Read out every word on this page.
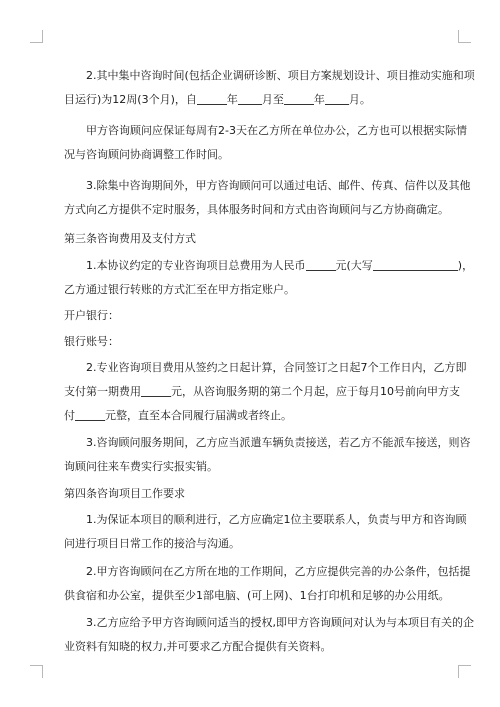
2.其中集中咨询时间(包括企业调研诊断、项目方案规划设计、项目推动实施和项
目运行)为12周(3个月)，自	年 月至	年 月。
甲方咨询顾问应保证每周有2-3天在乙方所在单位办公，乙方也可以根据实际情
况与咨询顾问协商调整工作时间。
3.除集中咨询期间外，甲方咨询顾问可以通过电话、邮件、传真、信件以及其他
方式向乙方提供不定时服务，具体服务时间和方式由咨询顾问与乙方协商确定。
第三条咨询费用及支付方式
1.本协议约定的专业咨询项目总费用为人民币	元(大写	)，
乙方通过银行转账的方式汇至在甲方指定账户。
开户银行：
银行账号：
2.专业咨询项目费用从签约之日起计算，合同签订之日起7个工作日内，乙方即
支付第一期费用	元，从咨询服务期的第二个月起，应于每月10号前向甲方支
付	元整，直至本合同履行届满或者终止。
3.咨询顾问服务期间，乙方应当派遣车辆负责接送，若乙方不能派车接送，则咨
询顾问往来车费实行实报实销。
第四条咨询项目工作要求
1.为保证本项目的顺利进行，乙方应确定1位主要联系人，负责与甲方和咨询顾
问进行项目日常工作的接洽与沟通。
2.甲方咨询顾问在乙方所在地的工作期间，乙方应提供完善的办公条件，包括提
供食宿和办公室，提供至少1部电脑、(可上网)、1台打印机和足够的办公用纸。
3.乙方应给予甲方咨询顾问适当的授权,即甲方咨询顾问对认为与本项目有关的企
业资料有知晓的权力,并可要求乙方配合提供有关资料。
